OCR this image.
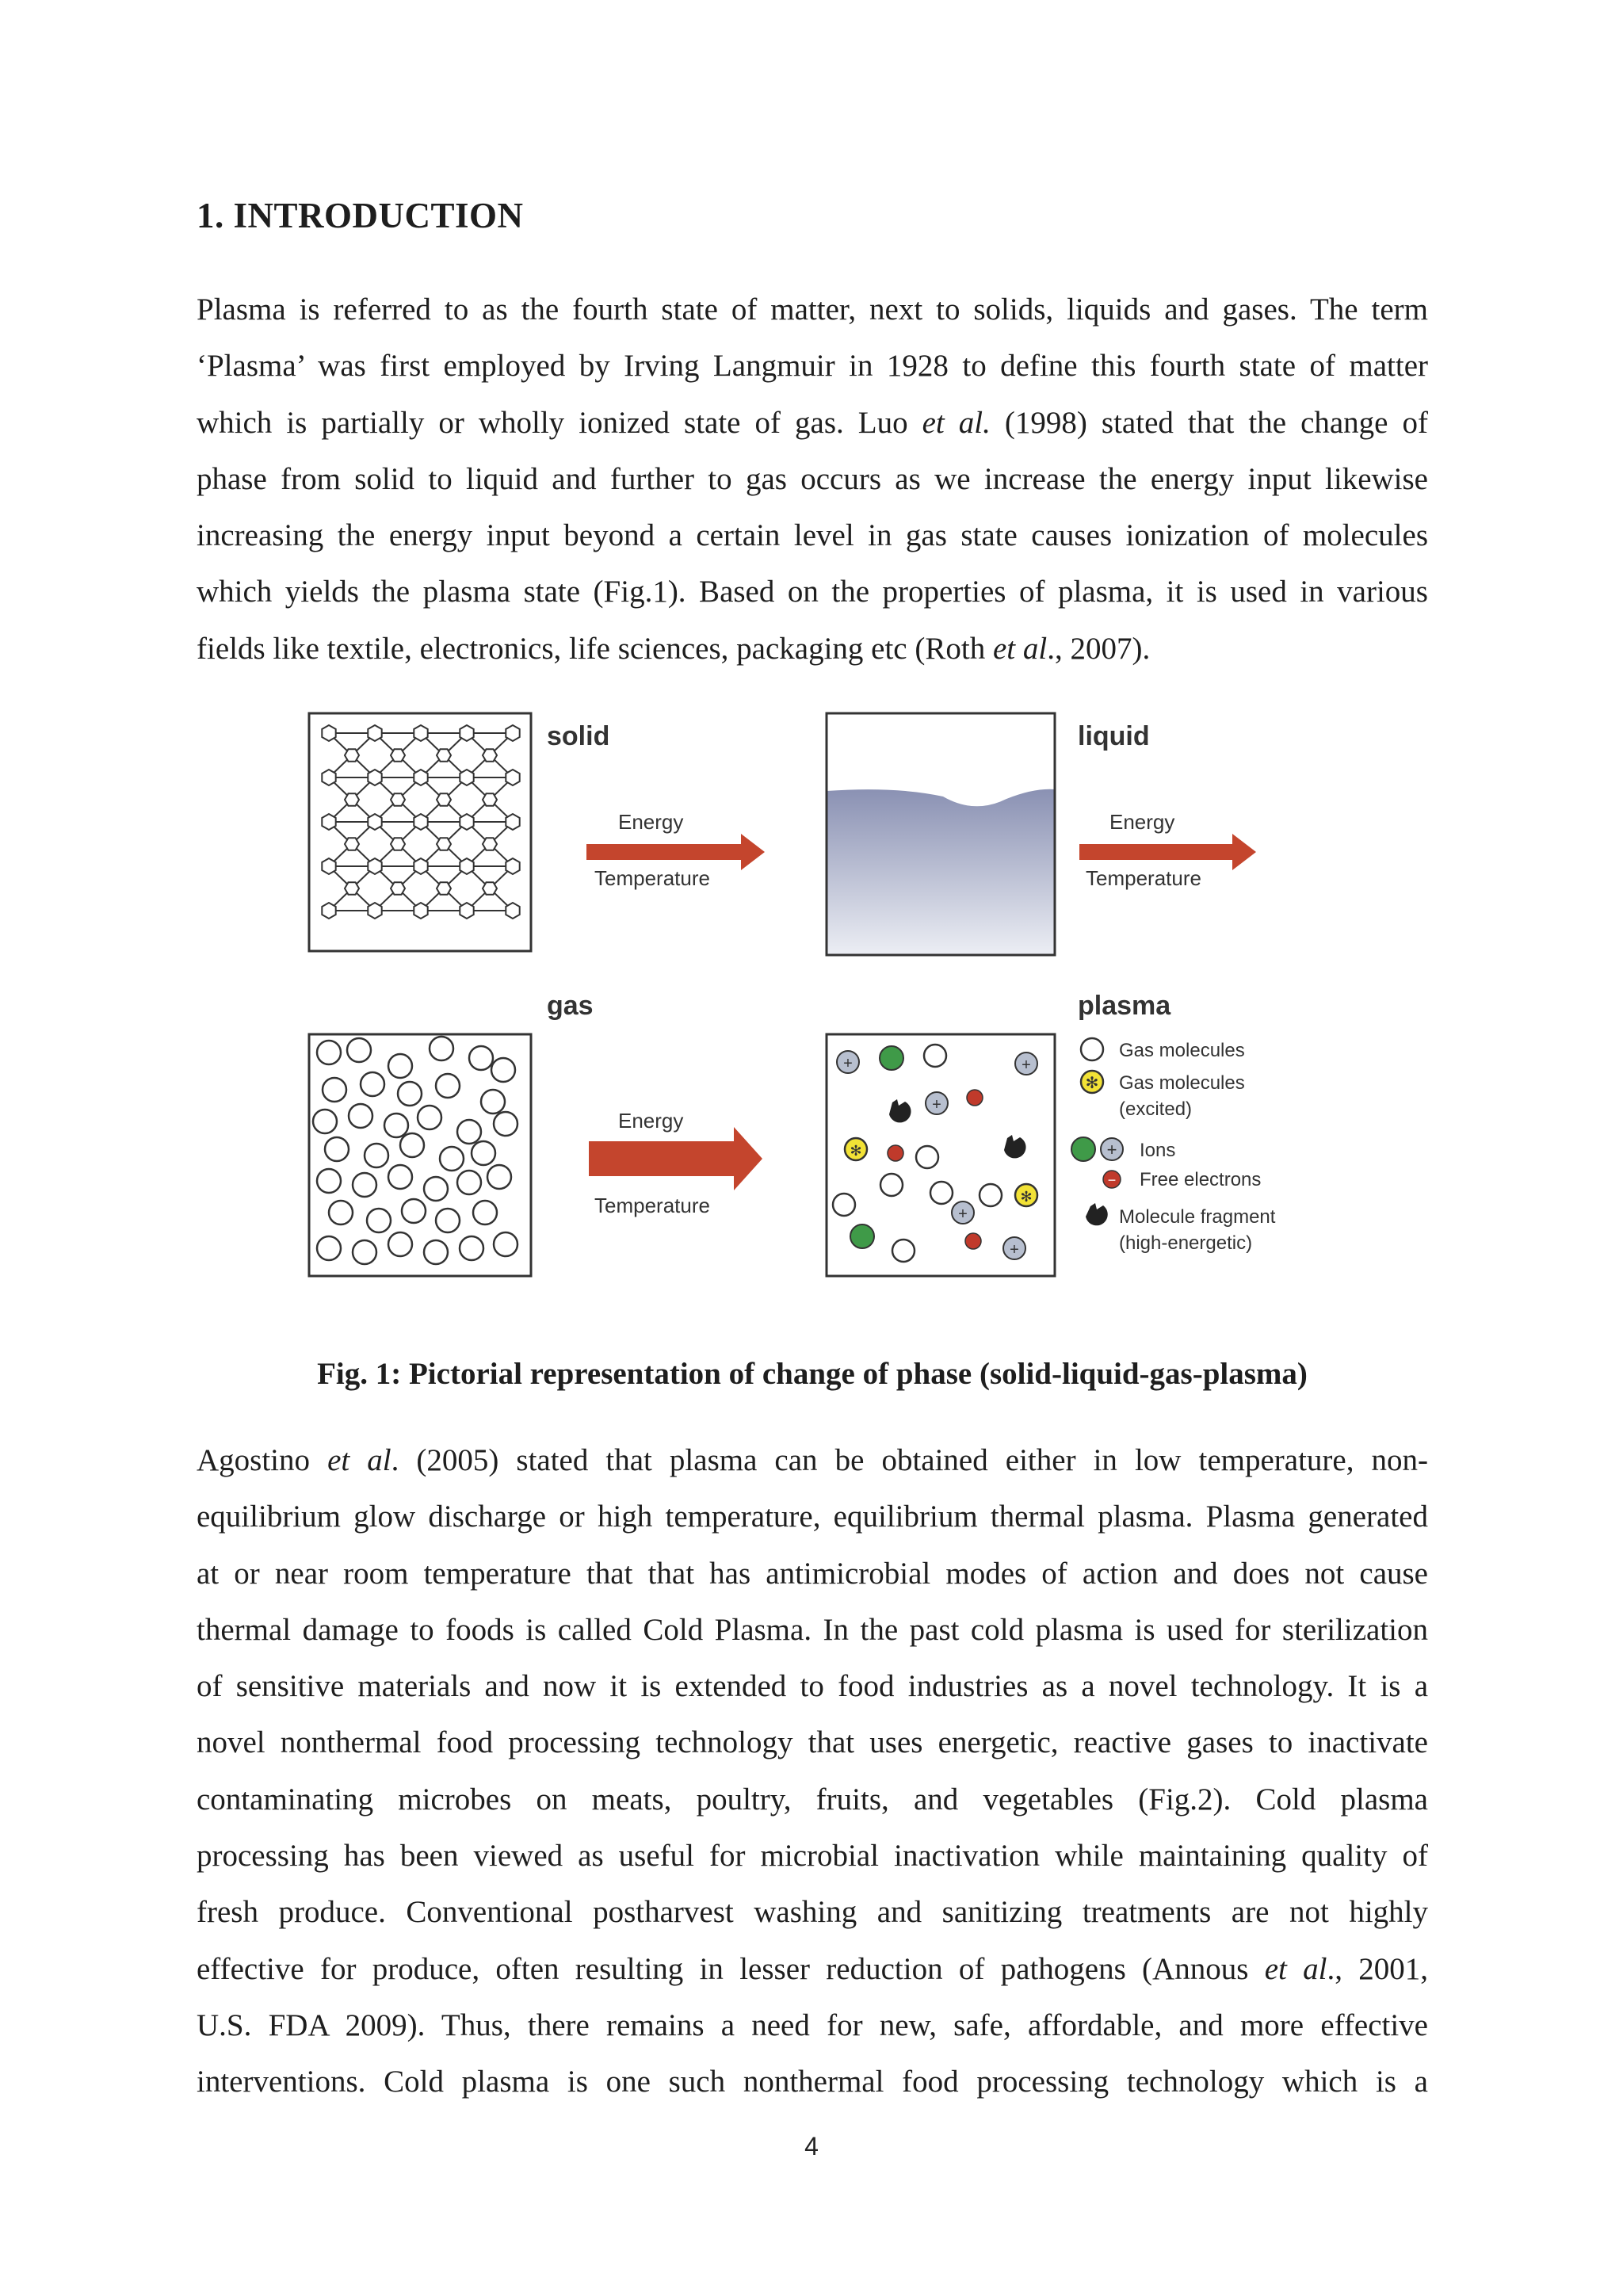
1. INTRODUCTION
Plasma is referred to as the fourth state of matter, next to solids, liquids and gases. The term
‘Plasma’ was first employed by Irving Langmuir in 1928 to define this fourth state of matter
which is partially or wholly ionized state of gas. Luo et al. (1998) stated that the change of
phase from solid to liquid and further to gas occurs as we increase the energy input likewise
increasing the energy input beyond a certain level in gas state causes ionization of molecules
which yields the plasma state (Fig.1). Based on the properties of plasma, it is used in various
fields like textile, electronics, life sciences, packaging etc (Roth et al., 2007).
+	+
+
✻
✻
+
+
solid	liquid
gas	plasma
Energy
Temperature
Energy
Temperature
Energy
Temperature
Gas molecules
✻ Gas molecules
(excited)
+ Ions
− Free electrons
Molecule fragment
(high-energetic)

Fig. 1: Pictorial representation of change of phase (solid-liquid-gas-plasma)

Agostino et al. (2005) stated that plasma can be obtained either in low temperature, non-
equilibrium glow discharge or high temperature, equilibrium thermal plasma. Plasma generated
at or near room temperature that that has antimicrobial modes of action and does not cause
thermal damage to foods is called Cold Plasma. In the past cold plasma is used for sterilization
of sensitive materials and now it is extended to food industries as a novel technology. It is a
novel nonthermal food processing technology that uses energetic, reactive gases to inactivate
contaminating microbes on meats, poultry, fruits, and vegetables (Fig.2). Cold plasma
processing has been viewed as useful for microbial inactivation while maintaining quality of
fresh produce. Conventional postharvest washing and sanitizing treatments are not highly
effective for produce, often resulting in lesser reduction of pathogens (Annous et al., 2001,
U.S. FDA 2009). Thus, there remains a need for new, safe, affordable, and more effective
interventions. Cold plasma is one such nonthermal food processing technology which is a
4
